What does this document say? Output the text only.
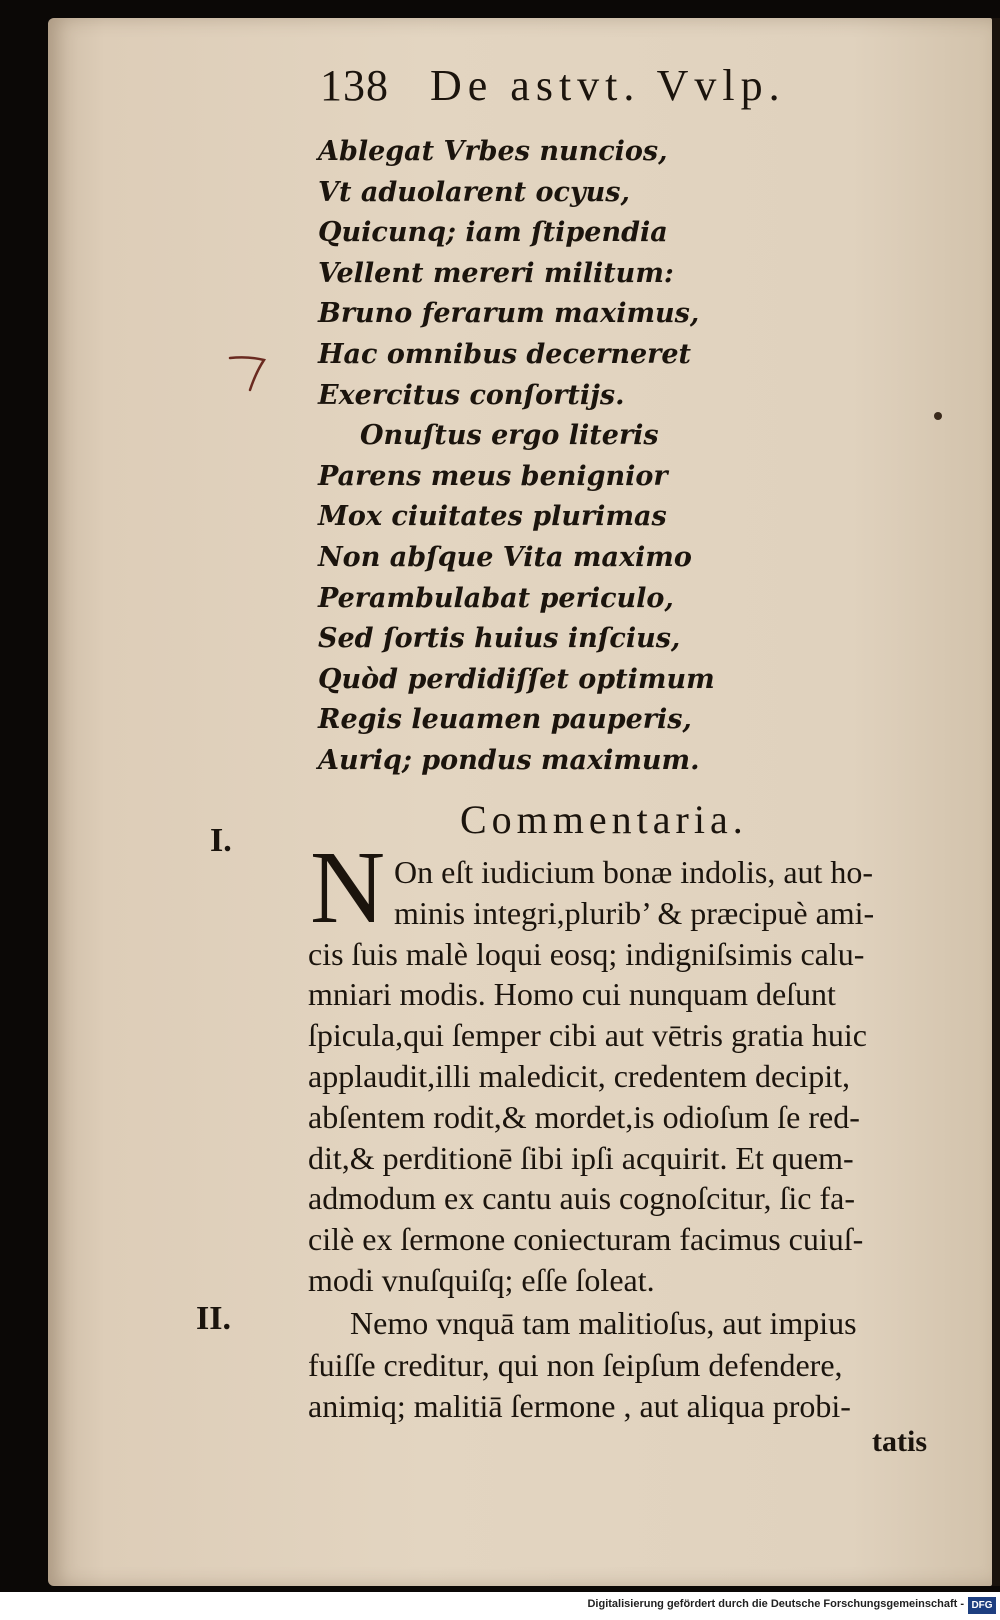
138 De astvt. Vvlp.
Ablegat Vrbes nuncios,
Vt aduolarent ocyus,
Quicunq; iam ſtipendia
Vellent mereri militum:
Bruno ferarum maximus,
Hac omnibus decerneret
Exercitus conſortijs.
Onuſtus ergo literis
Parens meus benignior
Mox ciuitates plurimas
Non abſque Vita maximo
Perambulabat periculo,
Sed ſortis huius inſcius,
Quòd perdidiſſet optimum
Regis leuamen pauperis,
Auriq; pondus maximum.
I.	Commentaria.
N On eſt iudicium bonæ indolis, aut ho-
minis integri,plurib’ & præcipuè ami-
cis ſuis malè loqui eosq; indigniſsimis calu-
mniari modis. Homo cui nunquam deſunt
ſpicula,qui ſemper cibi aut vētris gratia huic
applaudit,illi maledicit, credentem decipit,
abſentem rodit,& mordet,is odioſum ſe red-
dit,& perditionē ſibi ipſi acquirit. Et quem-
admodum ex cantu auis cognoſcitur, ſic fa-
cilè ex ſermone coniecturam facimus cuiuſ-
modi vnuſquiſq; eſſe ſoleat.
II.	Nemo vnquā tam malitioſus, aut impius
fuiſſe creditur, qui non ſeipſum defendere,
animiq; malitiā ſermone , aut aliqua probi-
tatis
Digitalisierung gefördert durch die Deutsche Forschungsgemeinschaft - DFG
